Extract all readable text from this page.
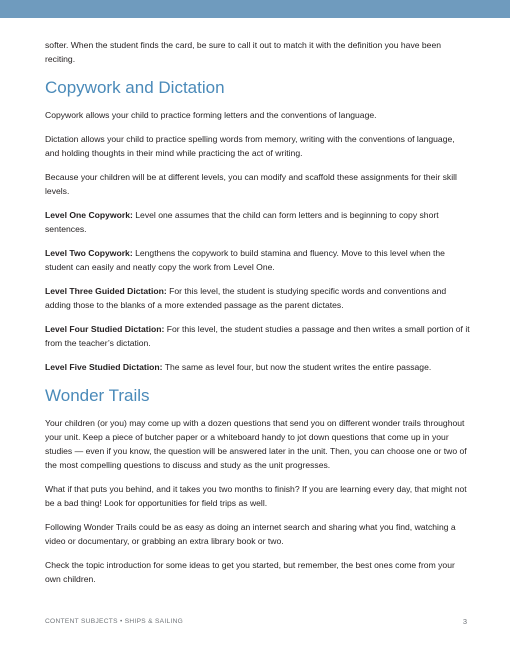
softer. When the student finds the card, be sure to call it out to match it with the definition you have been reciting.

Copywork and Dictation

Copywork allows your child to practice forming letters and the conventions of language.

Dictation allows your child to practice spelling words from memory, writing with the conventions of language, and holding thoughts in their mind while practicing the act of writing.

Because your children will be at different levels, you can modify and scaffold these assignments for their skill levels.

Level One Copywork: Level one assumes that the child can form letters and is beginning to copy short sentences.

Level Two Copywork: Lengthens the copywork to build stamina and fluency. Move to this level when the student can easily and neatly copy the work from Level One.

Level Three Guided Dictation: For this level, the student is studying specific words and conventions and adding those to the blanks of a more extended passage as the parent dictates.

Level Four Studied Dictation: For this level, the student studies a passage and then writes a small portion of it from the teacher’s dictation.

Level Five Studied Dictation: The same as level four, but now the student writes the entire passage.

Wonder Trails

Your children (or you) may come up with a dozen questions that send you on different wonder trails throughout your unit. Keep a piece of butcher paper or a whiteboard handy to jot down questions that come up in your studies — even if you know, the question will be answered later in the unit. Then, you can choose one or two of the most compelling questions to discuss and study as the unit progresses.

What if that puts you behind, and it takes you two months to finish? If you are learning every day, that might not be a bad thing! Look for opportunities for field trips as well.

Following Wonder Trails could be as easy as doing an internet search and sharing what you find, watching a video or documentary, or grabbing an extra library book or two.

Check the topic introduction for some ideas to get you started, but remember, the best ones come from your own children.

CONTENT SUBJECTS • SHIPS & SAILING	3
